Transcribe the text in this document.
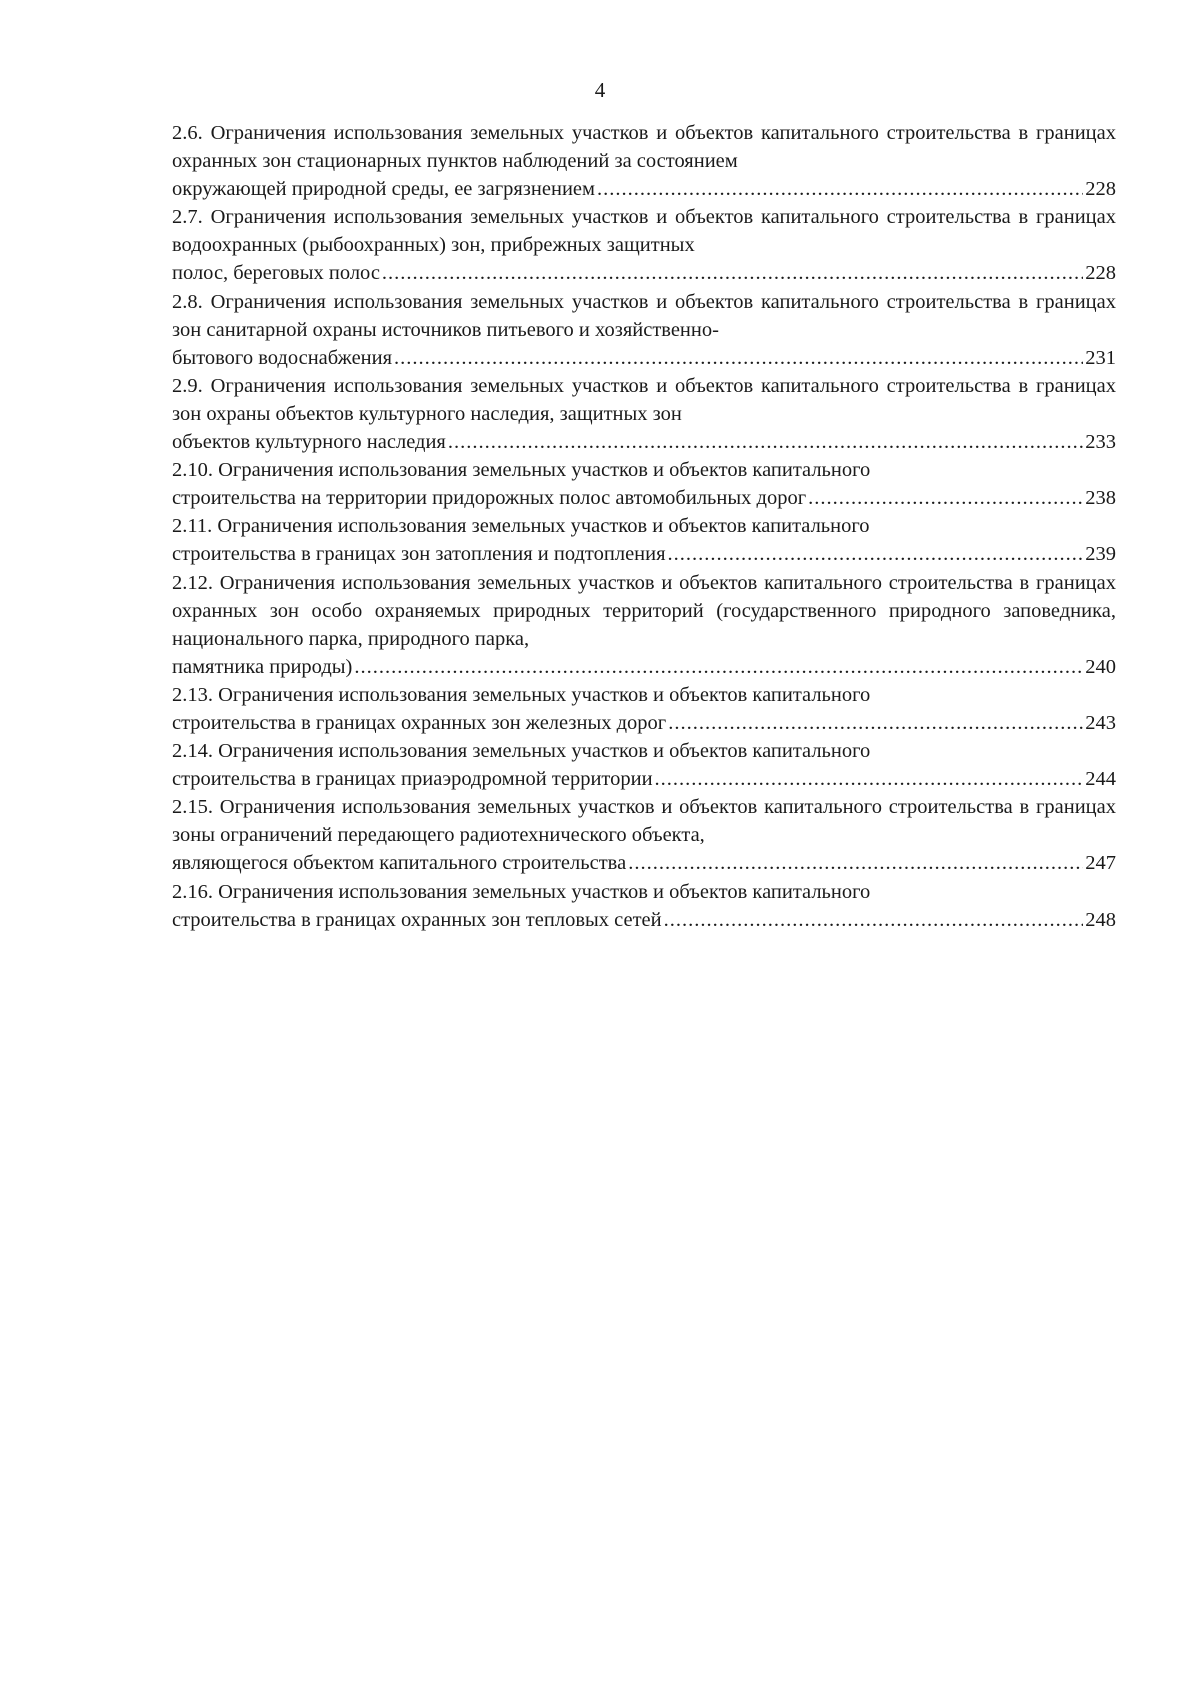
4
2.6. Ограничения использования земельных участков и объектов капитального строительства в границах охранных зон стационарных пунктов наблюдений за состоянием
окружающей природной среды, ее загрязнением .....	228
2.7. Ограничения использования земельных участков и объектов капитального строительства в границах водоохранных (рыбоохранных) зон, прибрежных защитных
полос, береговых полос .....	228
2.8. Ограничения использования земельных участков и объектов капитального строительства в границах зон санитарной охраны источников питьевого и хозяйственно-
бытового водоснабжения .....	231
2.9. Ограничения использования земельных участков и объектов капитального строительства в границах зон охраны объектов культурного наследия, защитных зон
объектов культурного наследия .....	233
2.10. Ограничения использования земельных участков и объектов капитального
строительства на территории придорожных полос автомобильных дорог .....	238
2.11. Ограничения использования земельных участков и объектов капитального
строительства в границах зон затопления и подтопления .....	239
2.12. Ограничения использования земельных участков и объектов капитального строительства в границах охранных зон особо охраняемых природных территорий (государственного природного заповедника, национального парка, природного парка,
памятника природы) .....	240
2.13. Ограничения использования земельных участков и объектов капитального
строительства в границах охранных зон железных дорог .....	243
2.14. Ограничения использования земельных участков и объектов капитального
строительства в границах приаэродромной территории .....	244
2.15. Ограничения использования земельных участков и объектов капитального строительства в границах зоны ограничений передающего радиотехнического объекта,
являющегося объектом капитального строительства .....	247
2.16. Ограничения использования земельных участков и объектов капитального
строительства в границах охранных зон тепловых сетей .....	248
